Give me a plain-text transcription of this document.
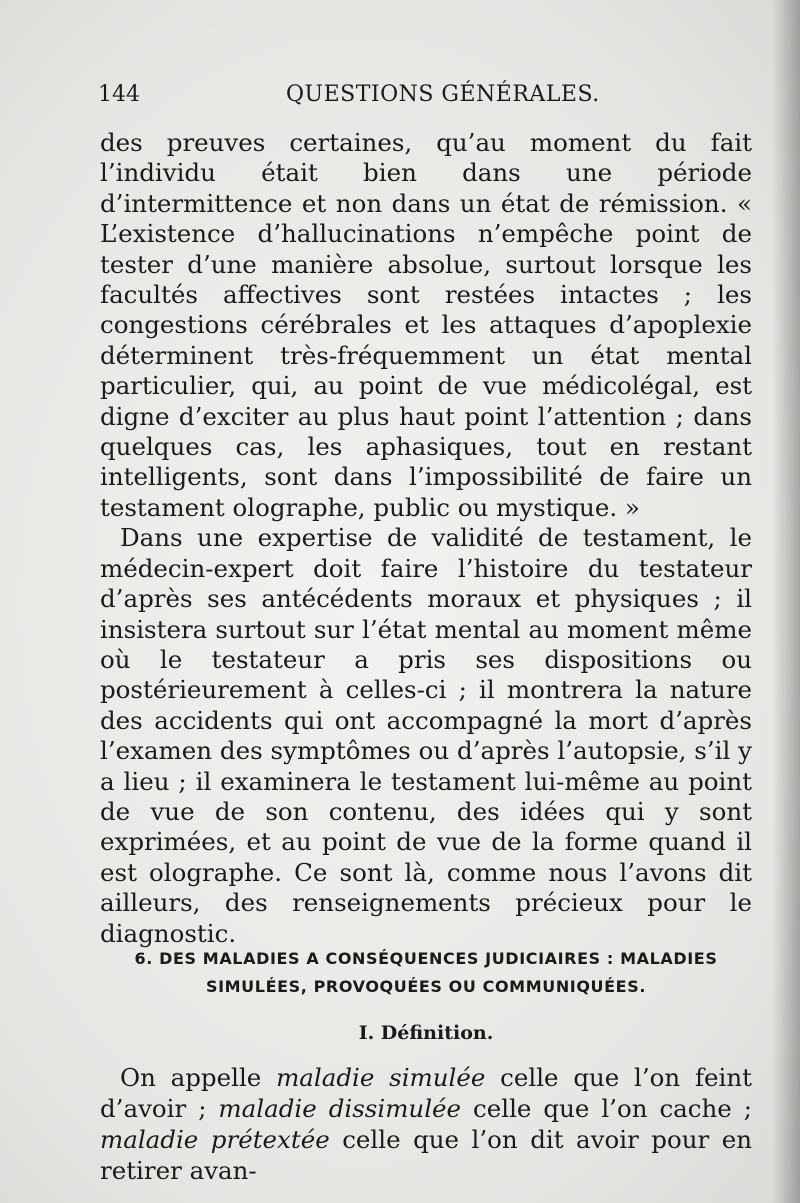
144	QUESTIONS GÉNÉRALES.

des preuves certaines, qu’au moment du fait l’individu était bien dans une période d’intermittence et non dans un état de rémission. « L’existence d’hallucinations n’empêche point de tester d’une manière absolue, surtout lorsque les facultés affectives sont restées intactes ; les congestions cérébrales et les attaques d’apoplexie déterminent très-fréquemment un état mental particulier, qui, au point de vue médicolégal, est digne d’exciter au plus haut point l’attention ; dans quelques cas, les aphasiques, tout en restant intelligents, sont dans l’impossibilité de faire un testament olographe, public ou mystique. »

Dans une expertise de validité de testament, le médecin-expert doit faire l’histoire du testateur d’après ses antécédents moraux et physiques ; il insistera surtout sur l’état mental au moment même où le testateur a pris ses dispositions ou postérieurement à celles-ci ; il montrera la nature des accidents qui ont accompagné la mort d’après l’examen des symptômes ou d’après l’autopsie, s’il y a lieu ; il examinera le testament lui-même au point de vue de son contenu, des idées qui y sont exprimées, et au point de vue de la forme quand il est olographe. Ce sont là, comme nous l’avons dit ailleurs, des renseignements précieux pour le diagnostic.

6. DES MALADIES A CONSÉQUENCES JUDICIAIRES : MALADIES SIMULÉES, PROVOQUÉES OU COMMUNIQUÉES.
I. Définition.

On appelle maladie simulée celle que l’on feint d’avoir ; maladie dissimulée celle que l’on cache ; maladie prétextée celle que l’on dit avoir pour en retirer avan-
